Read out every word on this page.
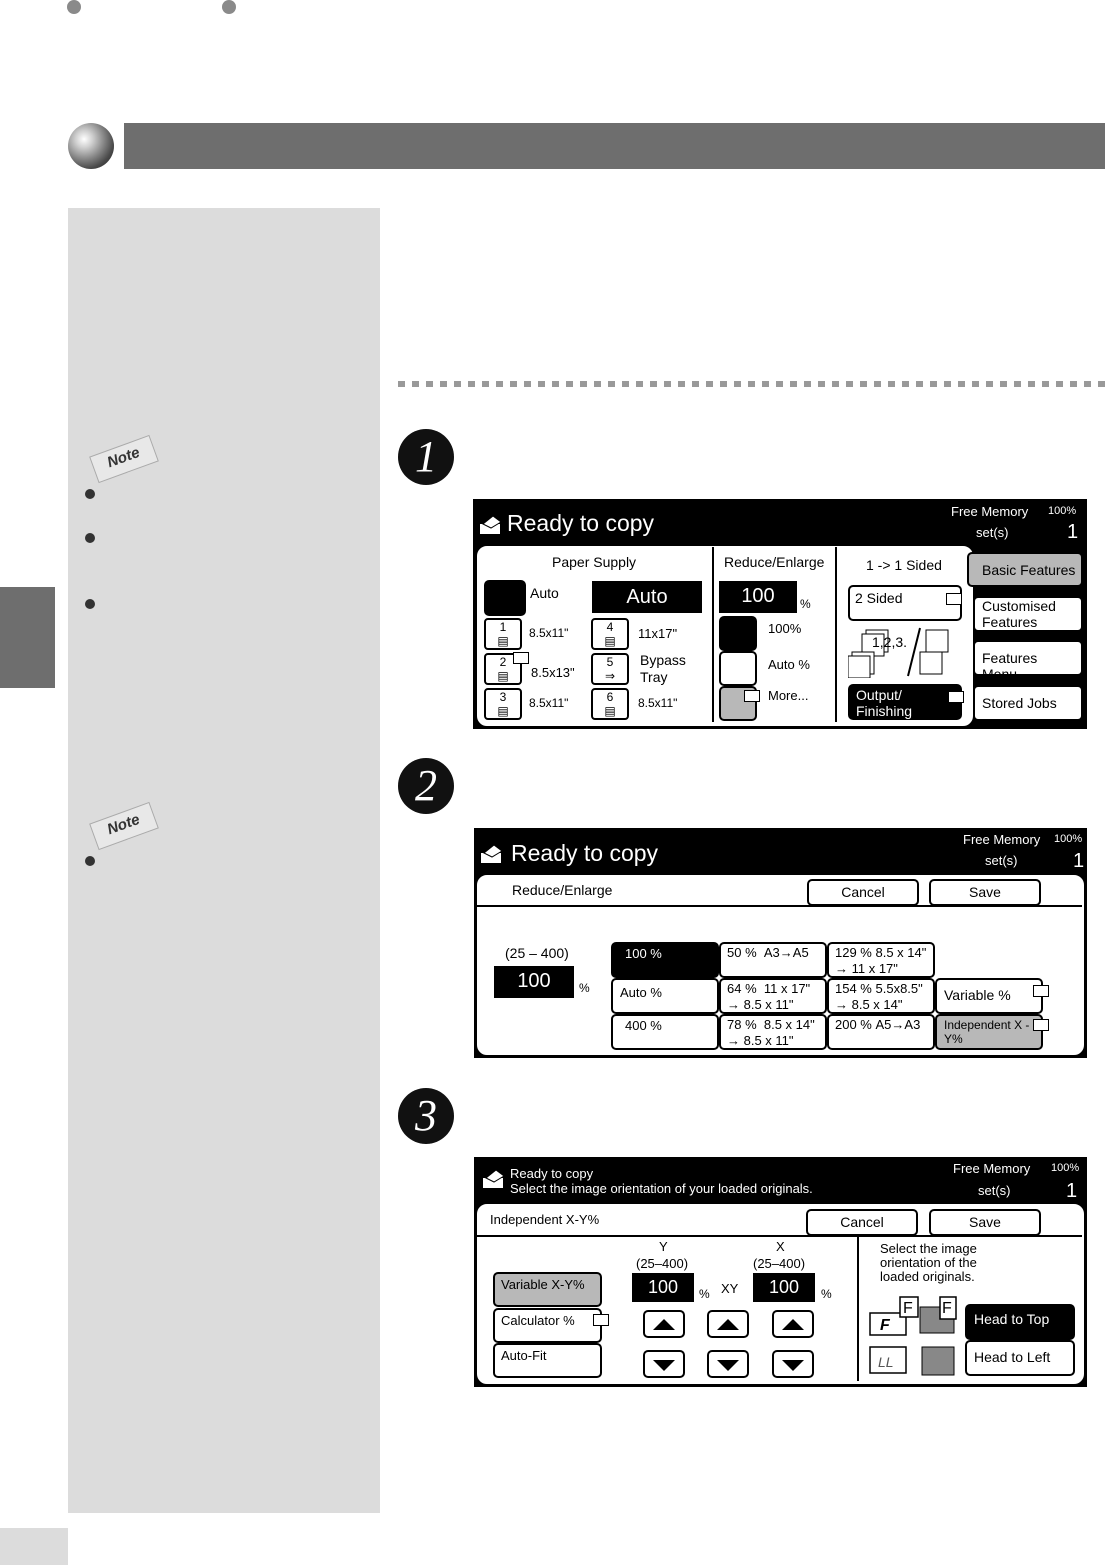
Note
Note
1
2
3
Ready to copy	Free Memory 100%
set(s)	1
Paper Supply
Auto	Auto
1
▤
8.5x11"
2
▤	8.5x13"
3
▤
8.5x11"
4
▤	11x17"
5
⇒
Bypass Tray
6
▤
8.5x11"
Reduce/Enlarge
100	%
100%
Auto %
More...
1 -> 1 Sided
2 Sided
1,2,3.
Output/ Finishing
Basic Features
Customised Features
Features Menu
Stored Jobs
Ready to copy
Free Memory 100%
set(s)	1
Reduce/Enlarge	Cancel	Save
(25 – 400)
100	%
100 %
Auto %
400 %
50 % A3→A5
64 % 11 x 17" → 8.5 x 11"
78 % 8.5 x 14" → 8.5 x 11"
129 % 8.5 x 14" → 11 x 17"
154 % 5.5x8.5" → 8.5 x 14"
200 % A5→A3
Variable %
Independent X - Y%
Ready to copy
Select the image orientation of your loaded originals.
Free Memory 100%
set(s)	1
Independent X-Y%	Cancel	Save
Variable X-Y%
Calculator %
Auto-Fit
Y
(25–400)
100	% XY
X
(25–400)
100	%
Select the image orientation of the loaded originals.
F
F F
LL
Head to Top
Head to Left
